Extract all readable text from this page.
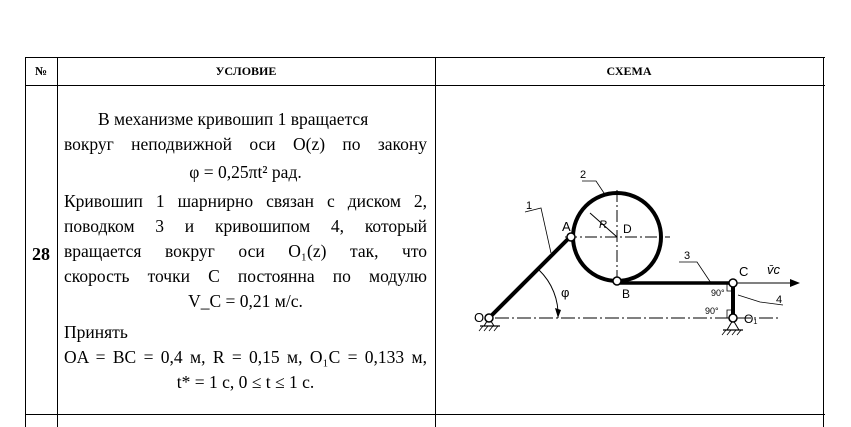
№	УСЛОВИЕ	СХЕМА
28
В механизме кривошип 1 вращается
вокруг неподвижной оси O(z) по закону
φ = 0,25πt² рад.
Кривошип 1 шарнирно связан с диском 2,
поводком 3 и кривошипом 4, который
вращается вокруг оси O₁(z) так, что
скорость точки C постоянна по модулю
V_C = 0,21 м/с.
Принять
OA = BC = 0,4 м, R = 0,15 м, O₁C = 0,133 м,
t* = 1 с, 0 ≤ t ≤ 1 с.
O
A
B
C
D
O₁
R
φ
1
2
3
4
v̄c
90°
90°
